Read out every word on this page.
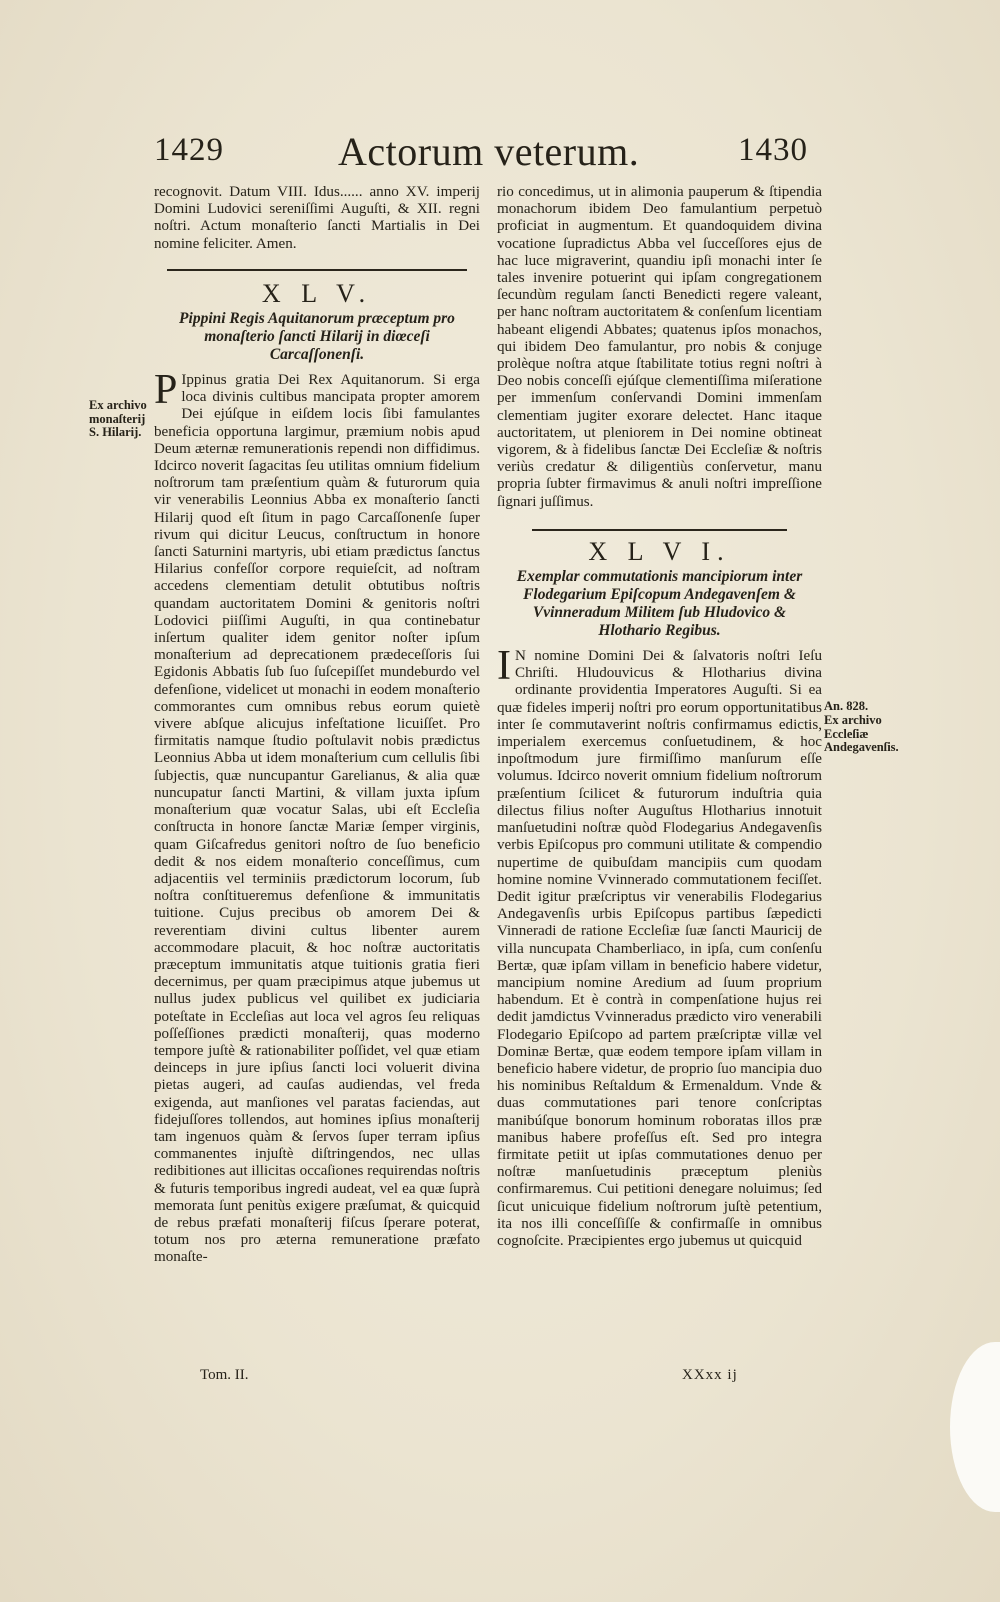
1429	Actorum veterum.	1430

recognovit. Datum VIII. Idus...... anno XV. imperij Domini Ludovici sereniſſimi Auguſti, & XII. regni noſtri. Actum monaſterio ſancti Martialis in Dei nomine feliciter. Amen.

X L V.
Pippini Regis Aquitanorum præceptum pro monaſterio ſancti Hilarij in diœceſi Carcaſſonenſi.

P Ippinus gratia Dei Rex Aquitanorum. Si erga loca divinis cultibus mancipata propter amorem Dei ejúſque in eiſdem locis ſibi famulantes beneficia opportuna largimur, præmium nobis apud Deum æternæ remunerationis rependi non diffidimus. Idcirco noverit ſagacitas ſeu utilitas omnium fidelium noſtrorum tam præſentium quàm & futurorum quia vir venerabilis Leonnius Abba ex monaſterio ſancti Hilarij quod eſt ſitum in pago Carcaſſonenſe ſuper rivum qui dicitur Leucus, conſtructum in honore ſancti Saturnini martyris, ubi etiam prædictus ſanctus Hilarius confeſſor corpore requieſcit, ad noſtram accedens clementiam detulit obtutibus noſtris quandam auctoritatem Domini & genitoris noſtri Lodovici piiſſimi Auguſti, in qua continebatur inſertum qualiter idem genitor noſter ipſum monaſterium ad deprecationem prædeceſſoris ſui Egidonis Abbatis ſub ſuo ſuſcepiſſet mundeburdo vel defenſione, videlicet ut monachi in eodem monaſterio commorantes cum omnibus rebus eorum quietè vivere abſque alicujus infeſtatione licuiſſet. Pro firmitatis namque ſtudio poſtulavit nobis prædictus Leonnius Abba ut idem monaſterium cum cellulis ſibi ſubjectis, quæ nuncupantur Garelianus, & alia quæ nuncupatur ſancti Martini, & villam juxta ipſum monaſterium quæ vocatur Salas, ubi eſt Eccleſia conſtructa in honore ſanctæ Mariæ ſemper virginis, quam Giſcafredus genitori noſtro de ſuo beneficio dedit & nos eidem monaſterio conceſſimus, cum adjacentiis vel terminiis prædictorum locorum, ſub noſtra conſtitueremus defenſione & immunitatis tuitione. Cujus precibus ob amorem Dei & reverentiam divini cultus libenter aurem accommodare placuit, & hoc noſtræ auctoritatis præceptum immunitatis atque tuitionis gratia fieri decernimus, per quam præcipimus atque jubemus ut nullus judex publicus vel quilibet ex judiciaria poteſtate in Eccleſias aut loca vel agros ſeu reliquas poſſeſſiones prædicti monaſterij, quas moderno tempore juſtè & rationabiliter poſſidet, vel quæ etiam deinceps in jure ipſius ſancti loci voluerit divina pietas augeri, ad cauſas audiendas, vel freda exigenda, aut manſiones vel paratas faciendas, aut fidejuſſores tollendos, aut homines ipſius monaſterij tam ingenuos quàm & ſervos ſuper terram ipſius commanentes injuſtè diſtringendos, nec ullas redibitiones aut illicitas occaſiones requirendas noſtris & futuris temporibus ingredi audeat, vel ea quæ ſuprà memorata ſunt penitùs exigere præſumat, & quicquid de rebus præfati monaſterij fiſcus ſperare poterat, totum nos pro æterna remuneratione præfato monaſte-

Ex archivo monaſterij S. Hilarij.

rio concedimus, ut in alimonia pauperum & ſtipendia monachorum ibidem Deo famulantium perpetuò proficiat in augmentum. Et quandoquidem divina vocatione ſupradictus Abba vel ſucceſſores ejus de hac luce migraverint, quandiu ipſi monachi inter ſe tales invenire potuerint qui ipſam congregationem ſecundùm regulam ſancti Benedicti regere valeant, per hanc noſtram auctoritatem & conſenſum licentiam habeant eligendi Abbates; quatenus ipſos monachos, qui ibidem Deo famulantur, pro nobis & conjuge prolèque noſtra atque ſtabilitate totius regni noſtri à Deo nobis conceſſi ejúſque clementiſſima miſeratione per immenſum conſervandi Domini immenſam clementiam jugiter exorare delectet. Hanc itaque auctoritatem, ut pleniorem in Dei nomine obtineat vigorem, & à fidelibus ſanctæ Dei Eccleſiæ & noſtris veriùs credatur & diligentiùs conſervetur, manu propria ſubter firmavimus & anuli noſtri impreſſione ſignari juſſimus.

X L V I.
Exemplar commutationis mancipiorum inter Flodegarium Epiſcopum Andegavenſem & Vvinneradum Militem ſub Hludovico & Hlothario Regibus.

I N nomine Domini Dei & ſalvatoris noſtri Ieſu Chriſti. Hludouvicus & Hlotharius divina ordinante providentia Imperatores Auguſti. Si ea quæ fideles imperij noſtri pro eorum opportunitatibus inter ſe commutaverint noſtris confirmamus edictis, imperialem exercemus conſuetudinem, & hoc inpoſtmodum jure firmiſſimo manſurum eſſe volumus. Idcirco noverit omnium fidelium noſtrorum præſentium ſcilicet & futurorum induſtria quia dilectus filius noſter Auguſtus Hlotharius innotuit manſuetudini noſtræ quòd Flodegarius Andegavenſis verbis Epiſcopus pro communi utilitate & compendio nupertime de quibuſdam mancipiis cum quodam homine nomine Vvinnerado commutationem feciſſet. Dedit igitur præſcriptus vir venerabilis Flodegarius Andegavenſis urbis Epiſcopus partibus ſæpedicti Vinneradi de ratione Eccleſiæ ſuæ ſancti Mauricij de villa nuncupata Chamberliaco, in ipſa, cum conſenſu Bertæ, quæ ipſam villam in beneficio habere videtur, mancipium nomine Aredium ad ſuum proprium habendum. Et è contrà in compenſatione hujus rei dedit jamdictus Vvinneradus prædicto viro venerabili Flodegario Epiſcopo ad partem præſcriptæ villæ vel Dominæ Bertæ, quæ eodem tempore ipſam villam in beneficio habere videtur, de proprio ſuo mancipia duo his nominibus Reſtaldum & Ermenaldum. Vnde & duas commutationes pari tenore conſcriptas manibúſque bonorum hominum roboratas illos præ manibus habere profeſſus eſt. Sed pro integra firmitate petiit ut ipſas commutationes denuo per noſtræ manſuetudinis præceptum pleniùs confirmaremus. Cui petitioni denegare noluimus; ſed ſicut unicuique fidelium noſtrorum juſtè petentium, ita nos illi conceſſiſſe & confirmaſſe in omnibus cognoſcite. Præcipientes ergo jubemus ut quicquid

An. 828.
Ex archivo Eccleſiæ Andegavenſis.
Tom. II.	XXxx ij
